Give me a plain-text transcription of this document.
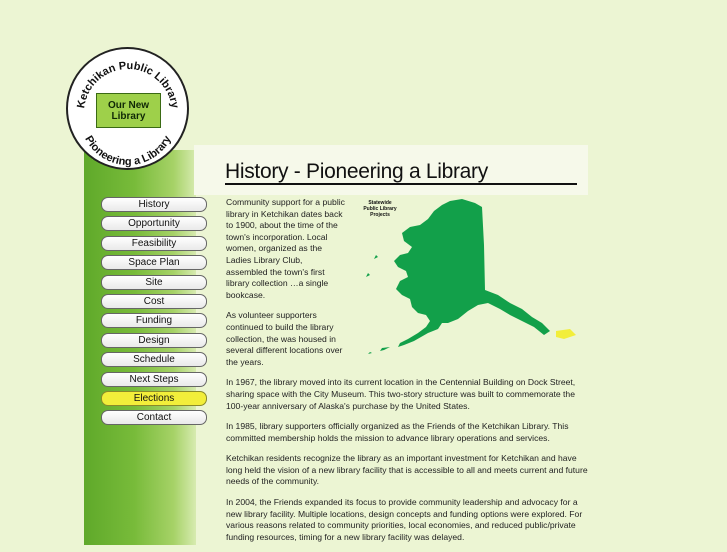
Ketchikan Public Library
Pioneering a Library
Our New
Library
History - Pioneering a Library
History
Opportunity
Feasibility
Space Plan
Site
Cost
Funding
Design
Schedule
Next Steps
Elections
Contact
Statewide
Public Library
Projects

Community support for a public library in Ketchikan dates back to 1900, about the time of the town's incorporation. Local women, organized as the Ladies Library Club, assembled the town's first library collection …a single bookcase.

As volunteer supporters continued to build the library collection, the was housed in several different locations over the years.

In 1967, the library moved into its current location in the Centennial Building on Dock Street, sharing space with the City Museum. This two-story structure was built to commemorate the 100-year anniversary of Alaska's purchase by the United States.

In 1985, library supporters officially organized as the Friends of the Ketchikan Library. This committed membership holds the mission to advance library operations and services.

Ketchikan residents recognize the library as an important investment for Ketchikan and have long held the vision of a new library facility that is accessible to all and meets current and future needs of the community.

In 2004, the Friends expanded its focus to provide community leadership and advocacy for a new library facility. Multiple locations, design concepts and funding options were explored. For various reasons related to community priorities, local economies, and reduced public/private funding resources, timing for a new library facility was delayed.
